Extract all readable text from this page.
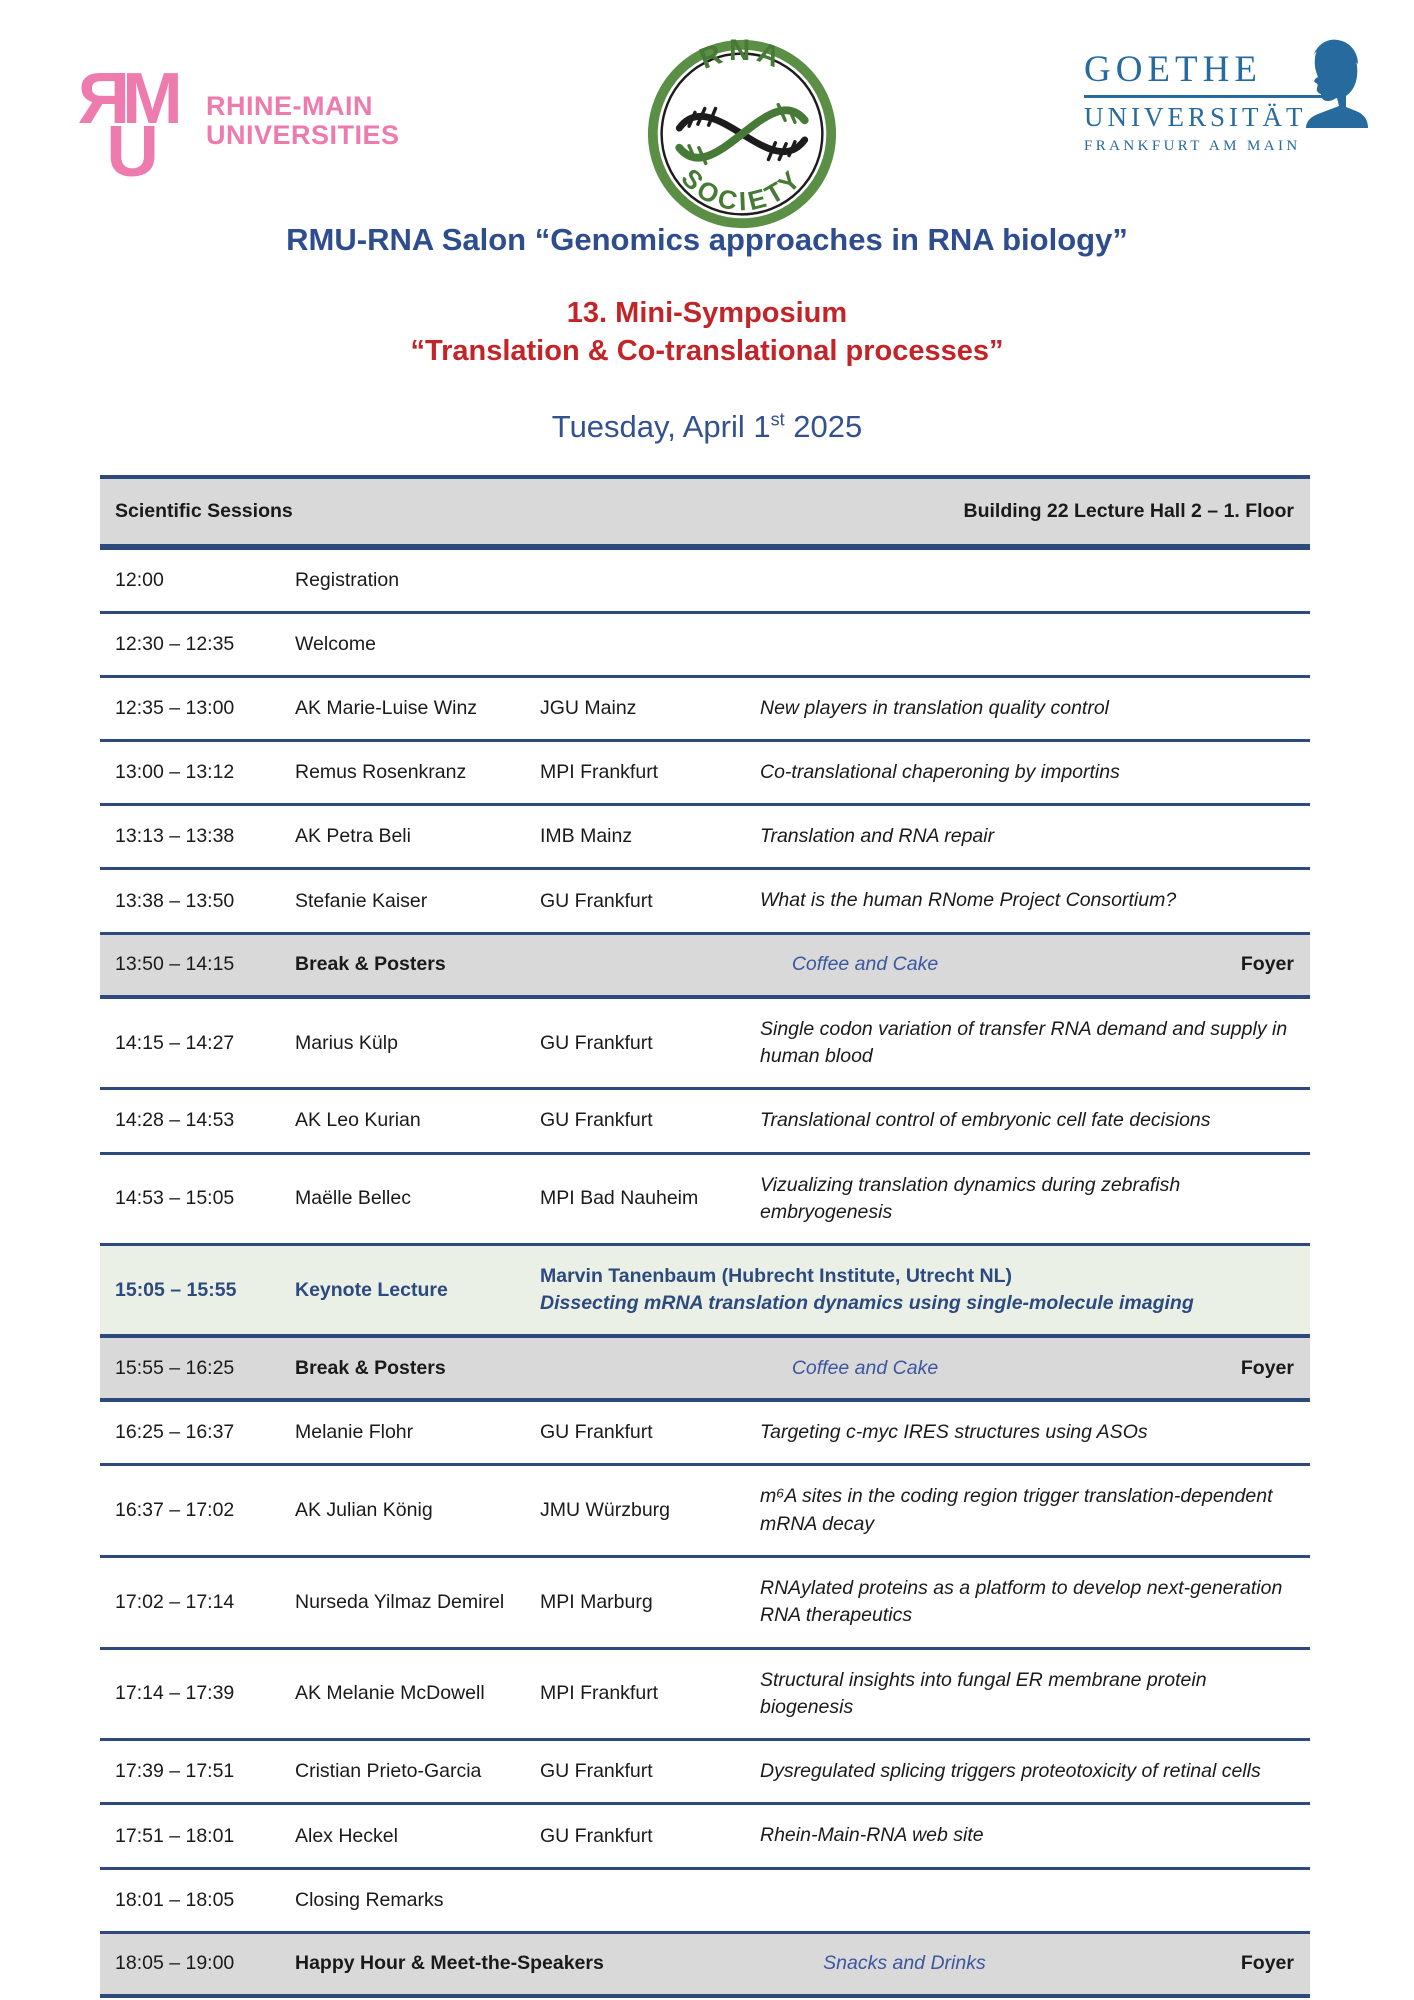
R
M
U
RHINE-MAIN
UNIVERSITIES
RNA
SOCIETY
GOETHE
UNIVERSITÄT
FRANKFURT AM MAIN
RMU-RNA Salon “Genomics approaches in RNA biology”
13. Mini-Symposium
“Translation & Co-translational processes”
Tuesday, April 1st 2025
Scientific Sessions	Building 22 Lecture Hall 2 – 1. Floor
12:00	Registration
12:30 – 12:35	Welcome
12:35 – 13:00	AK Marie-Luise Winz	JGU Mainz	New players in translation quality control
13:00 – 13:12	Remus Rosenkranz	MPI Frankfurt	Co-translational chaperoning by importins
13:13 – 13:38	AK Petra Beli	IMB Mainz	Translation and RNA repair
13:38 – 13:50	Stefanie Kaiser	GU Frankfurt	What is the human RNome Project Consortium?
13:50 – 14:15	Break & Posters	Coffee and Cake	Foyer
14:15 – 14:27	Marius Külp	GU Frankfurt
Single codon variation of transfer RNA demand and supply in human blood
14:28 – 14:53	AK Leo Kurian	GU Frankfurt	Translational control of embryonic cell fate decisions
14:53 – 15:05	Maëlle Bellec	MPI Bad Nauheim
Vizualizing translation dynamics during zebrafish embryogenesis
15:05 – 15:55	Keynote Lecture
Marvin Tanenbaum (Hubrecht Institute, Utrecht NL)
Dissecting mRNA translation dynamics using single-molecule imaging
15:55 – 16:25	Break & Posters	Coffee and Cake	Foyer
16:25 – 16:37	Melanie Flohr	GU Frankfurt	Targeting c-myc IRES structures using ASOs
16:37 – 17:02	AK Julian König	JMU Würzburg
m⁶A sites in the coding region trigger translation-dependent mRNA decay
17:02 – 17:14	Nurseda Yilmaz Demirel	MPI Marburg
RNAylated proteins as a platform to develop next-generation RNA therapeutics
17:14 – 17:39	AK Melanie McDowell	MPI Frankfurt
Structural insights into fungal ER membrane protein biogenesis
17:39 – 17:51	Cristian Prieto-Garcia	GU Frankfurt	Dysregulated splicing triggers proteotoxicity of retinal cells
17:51 – 18:01	Alex Heckel	GU Frankfurt	Rhein-Main-RNA web site
18:01 – 18:05	Closing Remarks
18:05 – 19:00	Happy Hour & Meet-the-Speakers	Snacks and Drinks	Foyer
